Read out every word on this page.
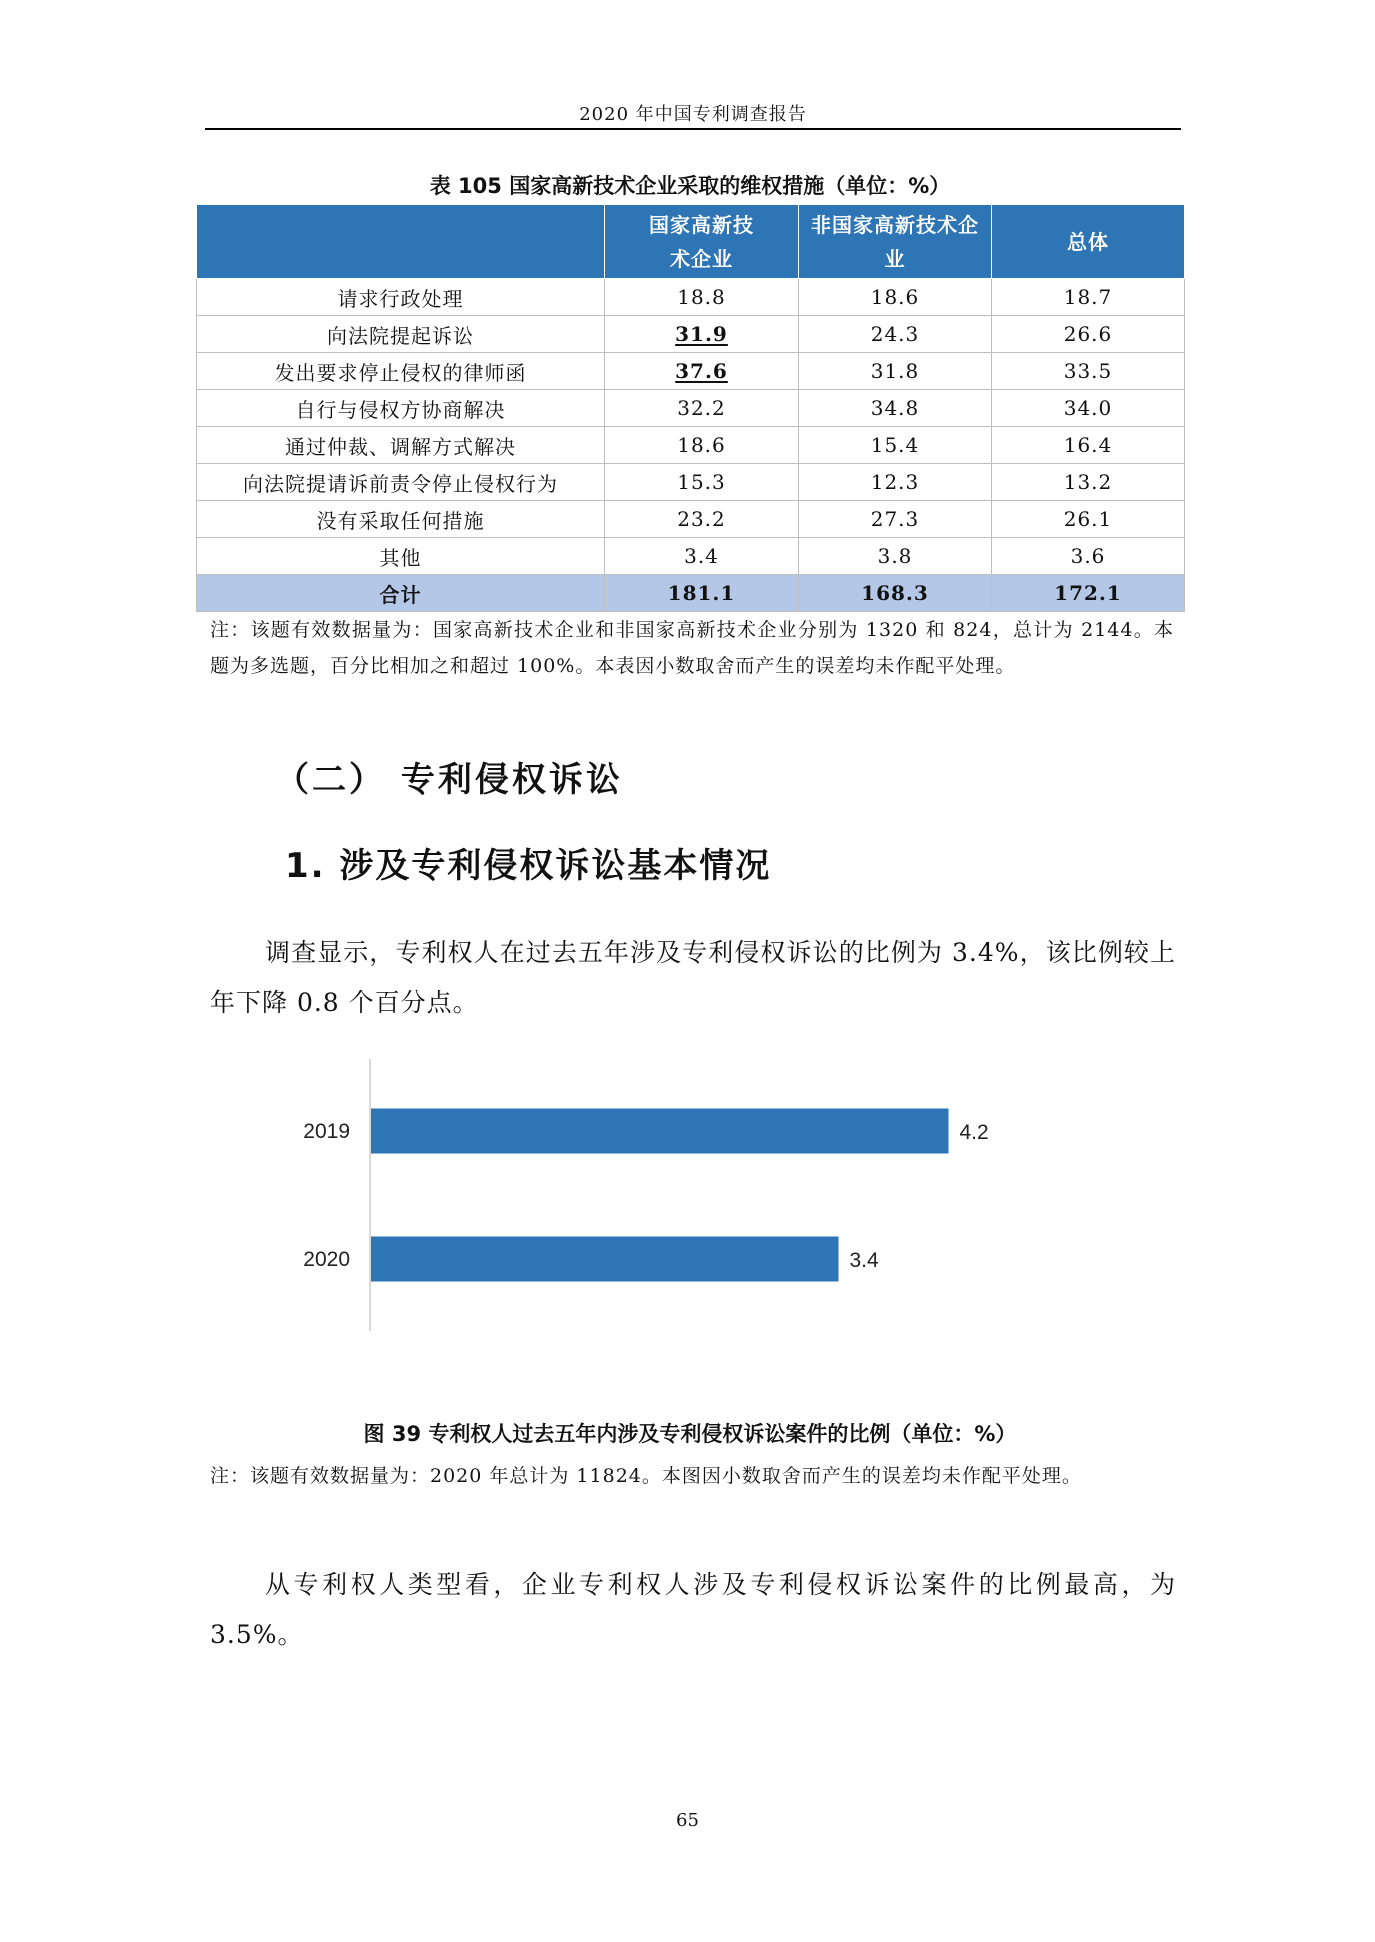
2020 年中国专利调查报告
表 105 国家高新技术企业采取的维权措施（单位：%）
	国家高新技术企业	非国家高新技术企业	总体
请求行政处理	18.8	18.6	18.7
向法院提起诉讼	31.9	24.3	26.6
发出要求停止侵权的律师函	37.6	31.8	33.5
自行与侵权方协商解决	32.2	34.8	34.0
通过仲裁、调解方式解决	18.6	15.4	16.4
向法院提请诉前责令停止侵权行为	15.3	12.3	13.2
没有采取任何措施	23.2	27.3	26.1
其他	3.4	3.8	3.6
合计	181.1	168.3	172.1
注：该题有效数据量为：国家高新技术企业和非国家高新技术企业分别为 1320 和 824，总计为 2144。本题为多选题，百分比相加之和超过 100%。本表因小数取舍而产生的误差均未作配平处理。
（二） 专利侵权诉讼
1. 涉及专利侵权诉讼基本情况
调查显示，专利权人在过去五年涉及专利侵权诉讼的比例为 3.4%，该比例较上年下降 0.8 个百分点。
2019	4.2
2020	3.4
图 39 专利权人过去五年内涉及专利侵权诉讼案件的比例（单位：%）
注：该题有效数据量为：2020 年总计为 11824。本图因小数取舍而产生的误差均未作配平处理。
从专利权人类型看，企业专利权人涉及专利侵权诉讼案件的比例最高，为 3.5%。
65
